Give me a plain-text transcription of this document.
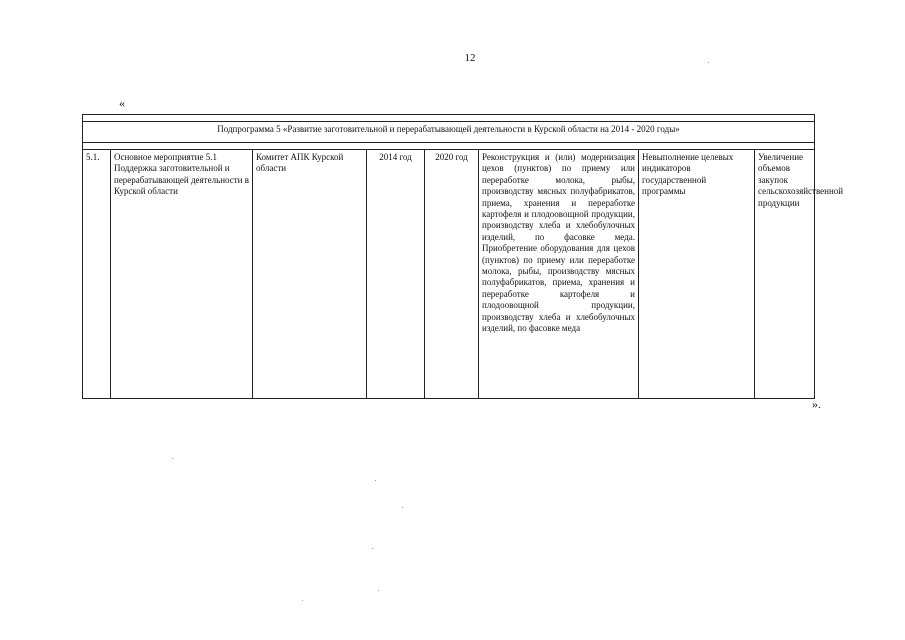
12
«

Подпрограмма 5 «Развитие заготовительной и перерабатывающей деятельности в Курской области на 2014 - 2020 годы»

5.1.	Основное мероприятие 5.1 Поддержка заготовительной и перерабатывающей деятельности в Курской области	Комитет АПК Курской области	2014 год	2020 год	Реконструкция и (или) модернизация цехов (пунктов) по приему или переработке молока, рыбы, производству мясных полуфабрикатов, приема, хранения и переработке картофеля и плодоовощной продукции, производству хлеба и хлебобулочных изделий, по фасовке меда. Приобретение оборудования для цехов (пунктов) по приему или переработке молока, рыбы, производству мясных полуфабрикатов, приема, хранения и переработке картофеля и плодоовощной продукции, производству хлеба и хлебобулочных изделий, по фасовке меда	Невыполнение целевых индикаторов государственной программы	Увеличение объемов закупок сельскохозяйственной продукции
».
